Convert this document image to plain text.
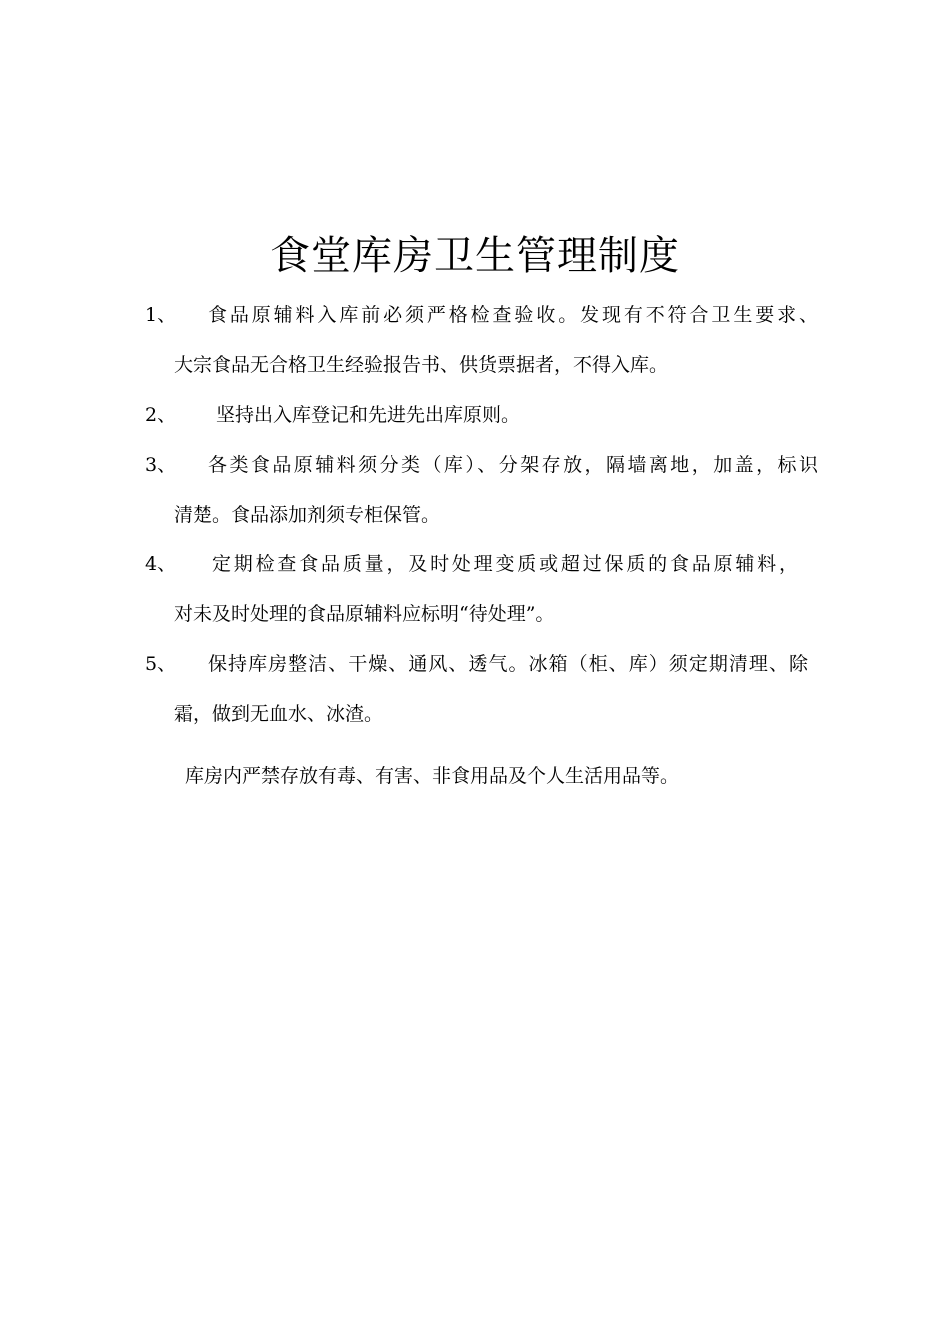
食堂库房卫生管理制度
1、 食品原辅料入库前必须严格检查验收。发现有不符合卫生要求、
大宗食品无合格卫生经验报告书、供货票据者，不得入库。
2、 坚持出入库登记和先进先出库原则。
3、 各类食品原辅料须分类（库）、分架存放，隔墙离地，加盖，标识
清楚。食品添加剂须专柜保管。
4、 定期检查食品质量，及时处理变质或超过保质的食品原辅料，
对未及时处理的食品原辅料应标明“待处理”。
5、 保持库房整洁、干燥、通风、透气。冰箱（柜、库）须定期清理、除
霜，做到无血水、冰渣。
库房内严禁存放有毒、有害、非食用品及个人生活用品等。
